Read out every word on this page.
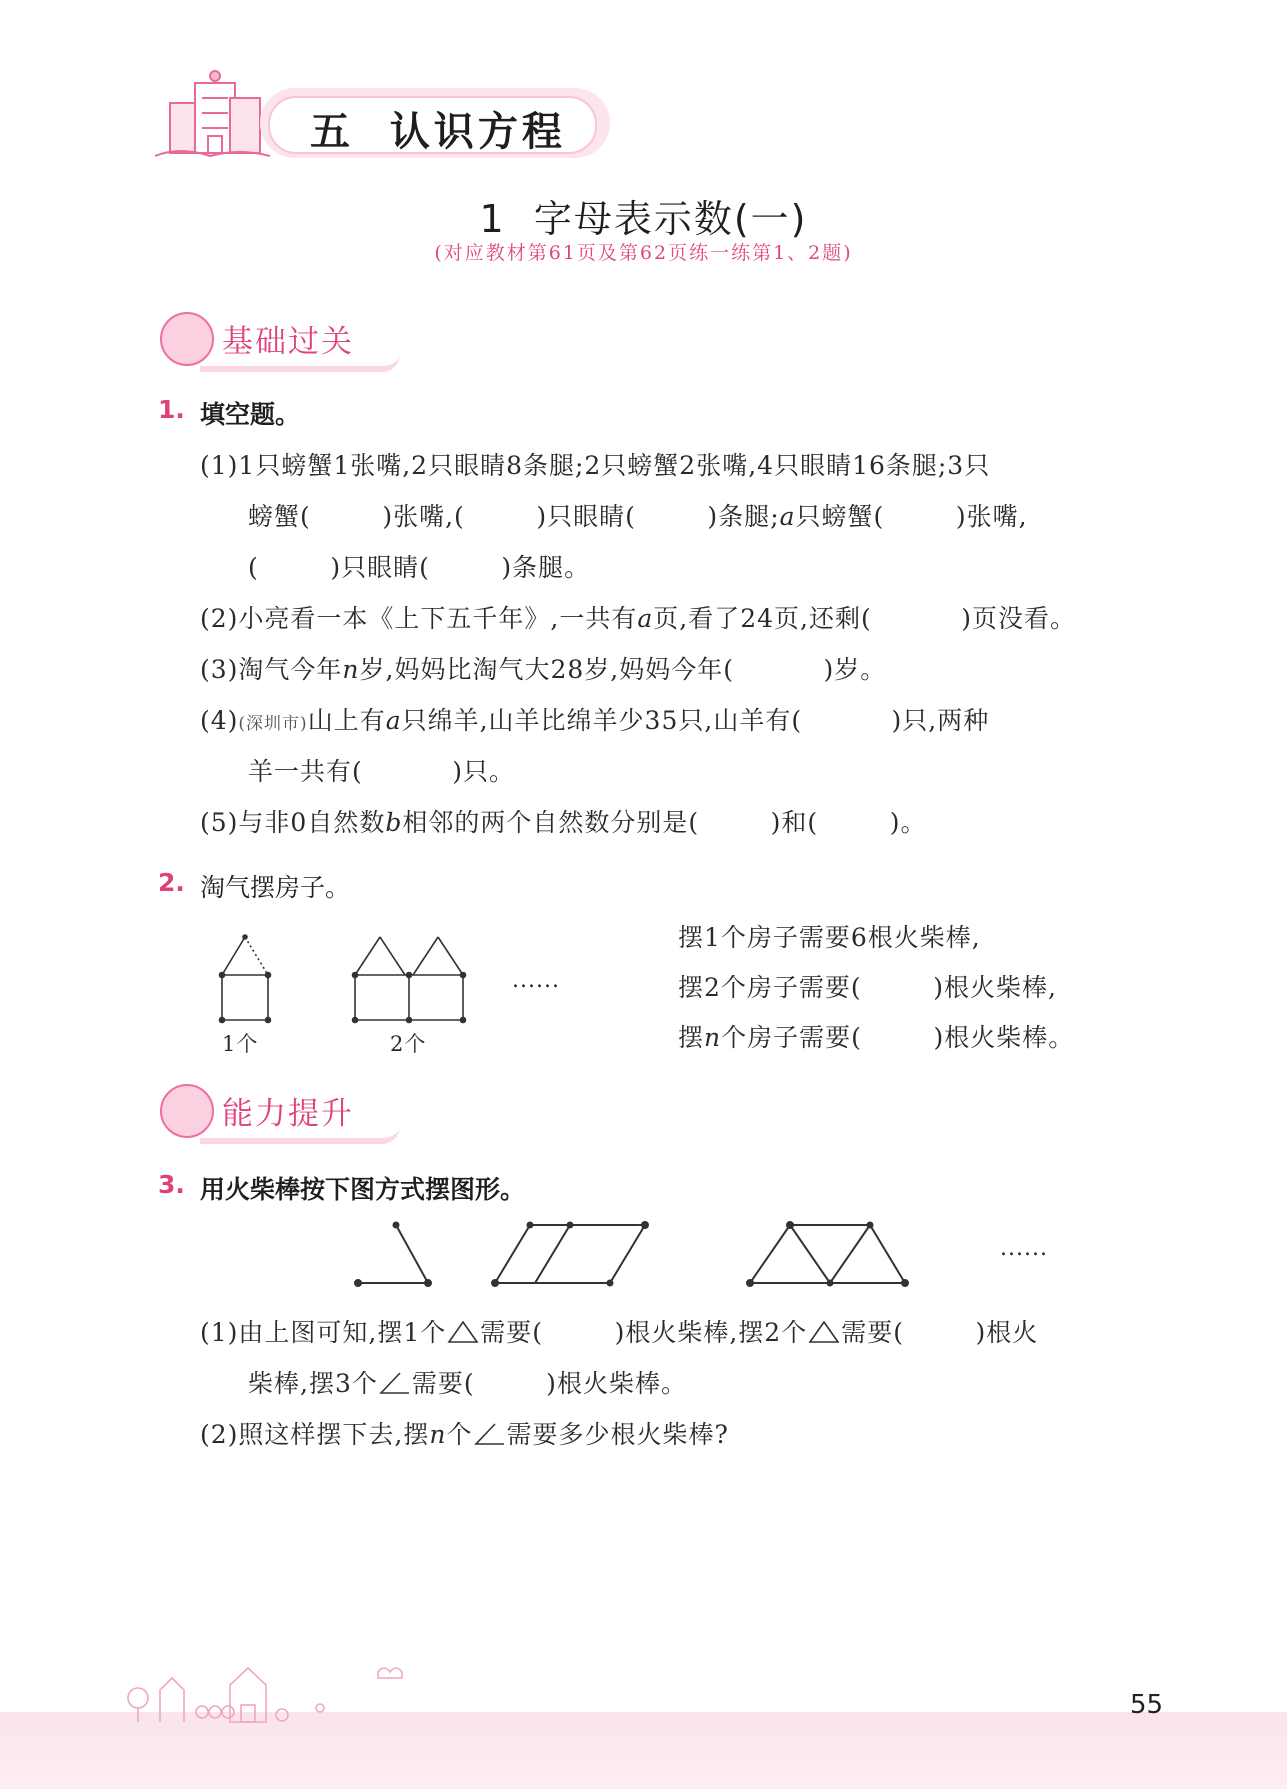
五  认识方程
1  字母表示数(一)
(对应教材第61页及第62页练一练第1、2题)
基础过关
1. 填空题。
(1)1只螃蟹1张嘴,2只眼睛8条腿;2只螃蟹2张嘴,4只眼睛16条腿;3只
螃蟹(        )张嘴,(        )只眼睛(        )条腿;a只螃蟹(        )张嘴,
(        )只眼睛(        )条腿。
(2)小亮看一本《上下五千年》,一共有a页,看了24页,还剩(          )页没看。
(3)淘气今年n岁,妈妈比淘气大28岁,妈妈今年(          )岁。
(4)(深圳市)山上有a只绵羊,山羊比绵羊少35只,山羊有(          )只,两种
羊一共有(          )只。
(5)与非0自然数b相邻的两个自然数分别是(        )和(        )。
2. 淘气摆房子。
1个	2个
......
摆1个房子需要6根火柴棒,
摆2个房子需要(        )根火柴棒,
摆n个房子需要(        )根火柴棒。
能力提升
3. 用火柴棒按下图方式摆图形。
......
(1)由上图可知,摆1个 需要(        )根火柴棒,摆2个 需要(        )根火
柴棒,摆3个 需要(        )根火柴棒。
(2)照这样摆下去,摆n个 需要多少根火柴棒?
55
